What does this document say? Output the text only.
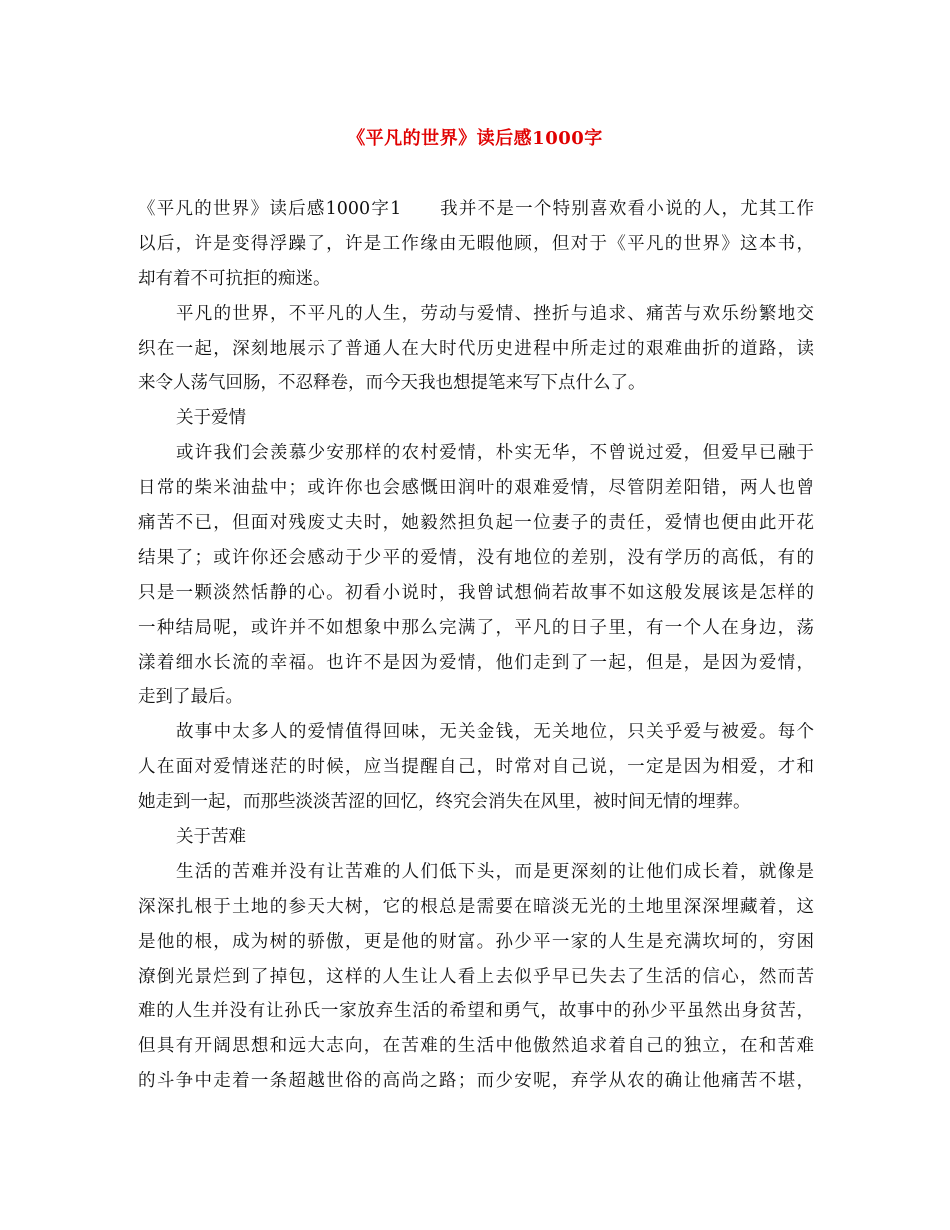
《平凡的世界》读后感1000字
《平凡的世界》读后感1000字1　　我并不是一个特别喜欢看小说的人，尤其工作
以后，许是变得浮躁了，许是工作缘由无暇他顾，但对于《平凡的世界》这本书，
却有着不可抗拒的痴迷。
平凡的世界，不平凡的人生，劳动与爱情、挫折与追求、痛苦与欢乐纷繁地交
织在一起，深刻地展示了普通人在大时代历史进程中所走过的艰难曲折的道路，读
来令人荡气回肠，不忍释卷，而今天我也想提笔来写下点什么了。
关于爱情
或许我们会羡慕少安那样的农村爱情，朴实无华，不曾说过爱，但爱早已融于
日常的柴米油盐中；或许你也会感慨田润叶的艰难爱情，尽管阴差阳错，两人也曾
痛苦不已，但面对残废丈夫时，她毅然担负起一位妻子的责任，爱情也便由此开花
结果了；或许你还会感动于少平的爱情，没有地位的差别，没有学历的高低，有的
只是一颗淡然恬静的心。初看小说时，我曾试想倘若故事不如这般发展该是怎样的
一种结局呢，或许并不如想象中那么完满了，平凡的日子里，有一个人在身边，荡
漾着细水长流的幸福。也许不是因为爱情，他们走到了一起，但是，是因为爱情，
走到了最后。
故事中太多人的爱情值得回味，无关金钱，无关地位，只关乎爱与被爱。每个
人在面对爱情迷茫的时候，应当提醒自己，时常对自己说，一定是因为相爱，才和
她走到一起，而那些淡淡苦涩的回忆，终究会消失在风里，被时间无情的埋葬。
关于苦难
生活的苦难并没有让苦难的人们低下头，而是更深刻的让他们成长着，就像是
深深扎根于土地的参天大树，它的根总是需要在暗淡无光的土地里深深埋藏着，这
是他的根，成为树的骄傲，更是他的财富。孙少平一家的人生是充满坎坷的，穷困
潦倒光景烂到了掉包，这样的人生让人看上去似乎早已失去了生活的信心，然而苦
难的人生并没有让孙氏一家放弃生活的希望和勇气，故事中的孙少平虽然出身贫苦，
但具有开阔思想和远大志向，在苦难的生活中他傲然追求着自己的独立，在和苦难
的斗争中走着一条超越世俗的高尚之路；而少安呢，弃学从农的确让他痛苦不堪，
